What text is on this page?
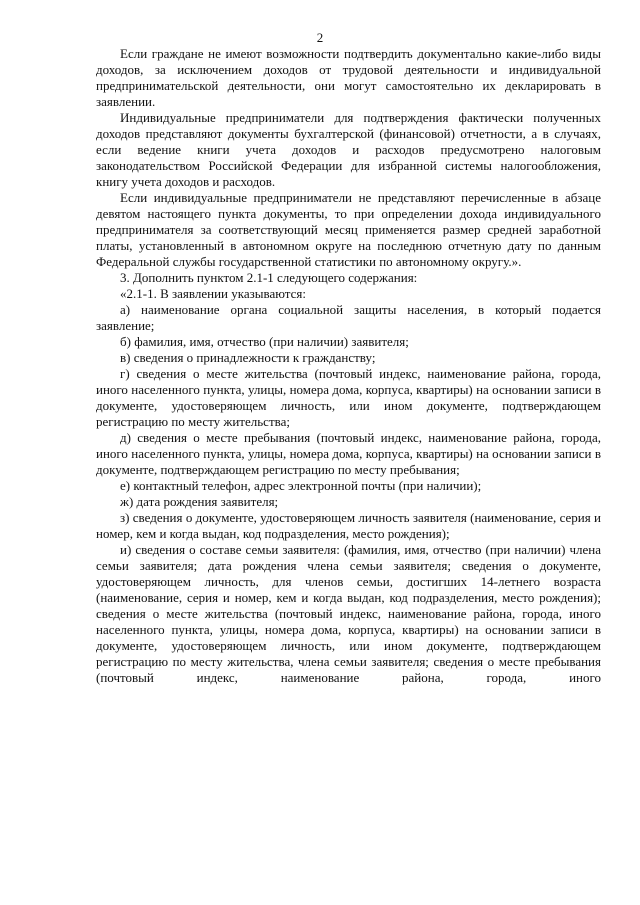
2

Если граждане не имеют возможности подтвердить документально какие-либо виды доходов, за исключением доходов от трудовой деятельности и индивидуальной предпринимательской деятельности, они могут самостоятельно их декларировать в заявлении.

Индивидуальные предприниматели для подтверждения фактически полученных доходов представляют документы бухгалтерской (финансовой) отчетности, а в случаях, если ведение книги учета доходов и расходов предусмотрено налоговым законодательством Российской Федерации для избранной системы налогообложения, книгу учета доходов и расходов.

Если индивидуальные предприниматели не представляют перечисленные в абзаце девятом настоящего пункта документы, то при определении дохода индивидуального предпринимателя за соответствующий месяц применяется размер средней заработной платы, установленный в автономном округе на последнюю отчетную дату по данным Федеральной службы государственной статистики по автономному округу.».

3. Дополнить пунктом 2.1-1 следующего содержания:

«2.1-1. В заявлении указываются:

а) наименование органа социальной защиты населения, в который подается заявление;

б) фамилия, имя, отчество (при наличии) заявителя;

в) сведения о принадлежности к гражданству;

г) сведения о месте жительства (почтовый индекс, наименование района, города, иного населенного пункта, улицы, номера дома, корпуса, квартиры) на основании записи в документе, удостоверяющем личность, или ином документе, подтверждающем регистрацию по месту жительства;

д) сведения о месте пребывания (почтовый индекс, наименование района, города, иного населенного пункта, улицы, номера дома, корпуса, квартиры) на основании записи в документе, подтверждающем регистрацию по месту пребывания;

е) контактный телефон, адрес электронной почты (при наличии);

ж) дата рождения заявителя;

з) сведения о документе, удостоверяющем личность заявителя (наименование, серия и номер, кем и когда выдан, код подразделения, место рождения);

и) сведения о составе семьи заявителя: (фамилия, имя, отчество (при наличии) члена семьи заявителя; дата рождения члена семьи заявителя; сведения о документе, удостоверяющем личность, для членов семьи, достигших 14-летнего возраста (наименование, серия и номер, кем и когда выдан, код подразделения, место рождения); сведения о месте жительства (почтовый индекс, наименование района, города, иного населенного пункта, улицы, номера дома, корпуса, квартиры) на основании записи в документе, удостоверяющем личность, или ином документе, подтверждающем регистрацию по месту жительства, члена семьи заявителя; сведения о месте пребывания (почтовый индекс, наименование района, города, иного
